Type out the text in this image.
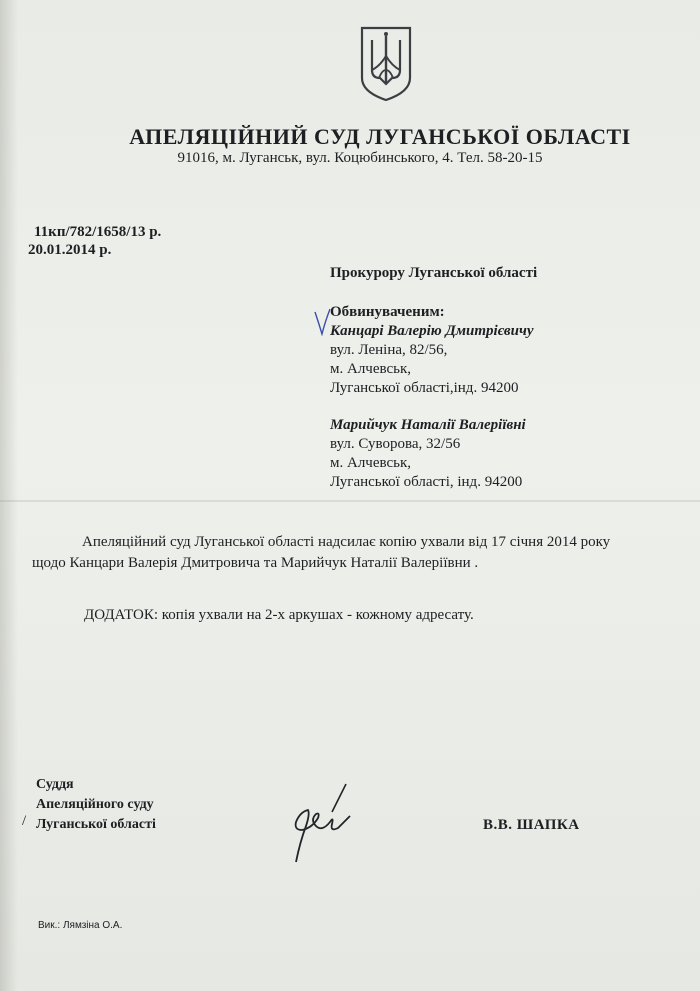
АПЕЛЯЦІЙНИЙ СУД ЛУГАНСЬКОЇ ОБЛАСТІ
91016, м. Луганськ, вул. Коцюбинського, 4. Тел. 58-20-15
11кп/782/1658/13 р.
20.01.2014 р.
Прокурору Луганської області
Обвинуваченим:
Канцарі Валерію Дмитрієвичу
вул. Леніна, 82/56,
м. Алчевськ,
Луганської області,інд. 94200
Марийчук Наталії Валеріївні
вул. Суворова, 32/56
м. Алчевськ,
Луганської області, інд. 94200
Апеляційний суд Луганської області надсилає копію ухвали від 17 січня 2014 року
щодо Канцари Валерія Дмитровича та Марийчук Наталії Валеріївни .
ДОДАТОК: копія ухвали на 2-х аркушах - кожному адресату.
Суддя
Апеляційного суду
Луганської області
/	В.В. ШАПКА
Вик.: Лямзіна О.А.
